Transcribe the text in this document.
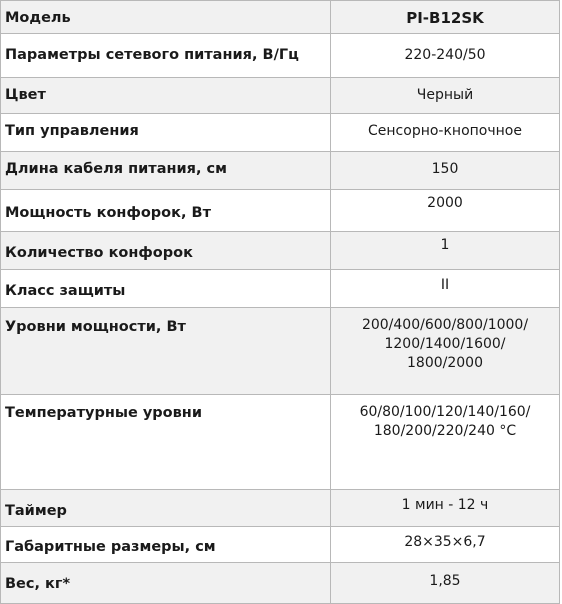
Модель	PI-B12SK

Параметры сетевого питания, В/Гц	220-240/50

Цвет	Черный

Тип управления	Сенсорно-кнопочное

Длина кабеля питания, см	150

Мощность конфорок, Вт	2000

Количество конфорок	1

Класс защиты	II

Уровни мощности, Вт	200/400/600/800/1000/
1200/1400/1600/
1800/2000

Температурные уровни	60/80/100/120/140/160/
180/200/220/240 °C

Таймер	1 мин - 12 ч

Габаритные размеры, см	28×35×6,7

Вес, кг*	1,85
